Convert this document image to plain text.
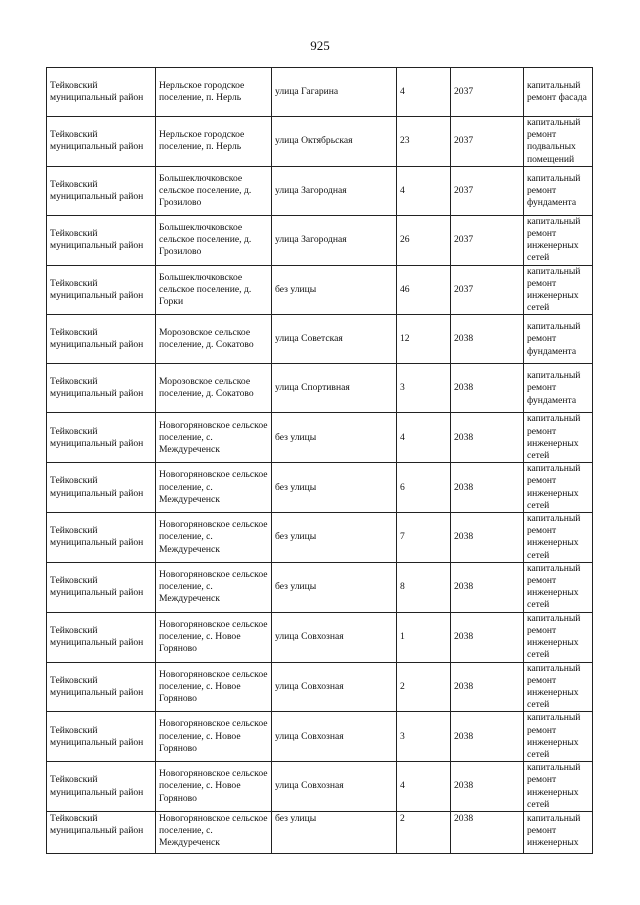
925
Тейковский муниципальный район	Нерльское городское поселение, п. Нерль	улица Гагарина	4	2037	капитальный ремонт фасада
Тейковский муниципальный район	Нерльское городское поселение, п. Нерль	улица Октябрьская	23	2037	капитальный ремонт подвальных помещений
Тейковский муниципальный район	Большеключковское сельское поселение, д. Грозилово	улица Загородная	4	2037	капитальный ремонт фундамента
Тейковский муниципальный район	Большеключковское сельское поселение, д. Грозилово	улица Загородная	26	2037	капитальный ремонт инженерных сетей
Тейковский муниципальный район	Большеключковское сельское поселение, д. Горки	без улицы	46	2037	капитальный ремонт инженерных сетей
Тейковский муниципальный район	Морозовское сельское поселение, д. Сокатово	улица Советская	12	2038	капитальный ремонт фундамента
Тейковский муниципальный район	Морозовское сельское поселение, д. Сокатово	улица Спортивная	3	2038	капитальный ремонт фундамента
Тейковский муниципальный район	Новогоряновское сельское поселение, с. Междуреченск	без улицы	4	2038	капитальный ремонт инженерных сетей
Тейковский муниципальный район	Новогоряновское сельское поселение, с. Междуреченск	без улицы	6	2038	капитальный ремонт инженерных сетей
Тейковский муниципальный район	Новогоряновское сельское поселение, с. Междуреченск	без улицы	7	2038	капитальный ремонт инженерных сетей
Тейковский муниципальный район	Новогоряновское сельское поселение, с. Междуреченск	без улицы	8	2038	капитальный ремонт инженерных сетей
Тейковский муниципальный район	Новогоряновское сельское поселение, с. Новое Горяново	улица Совхозная	1	2038	капитальный ремонт инженерных сетей
Тейковский муниципальный район	Новогоряновское сельское поселение, с. Новое Горяново	улица Совхозная	2	2038	капитальный ремонт инженерных сетей
Тейковский муниципальный район	Новогоряновское сельское поселение, с. Новое Горяново	улица Совхозная	3	2038	капитальный ремонт инженерных сетей
Тейковский муниципальный район	Новогоряновское сельское поселение, с. Новое Горяново	улица Совхозная	4	2038	капитальный ремонт инженерных сетей
Тейковский муниципальный район	Новогоряновское сельское поселение, с. Междуреченск	без улицы	2	2038	капитальный ремонт инженерных
